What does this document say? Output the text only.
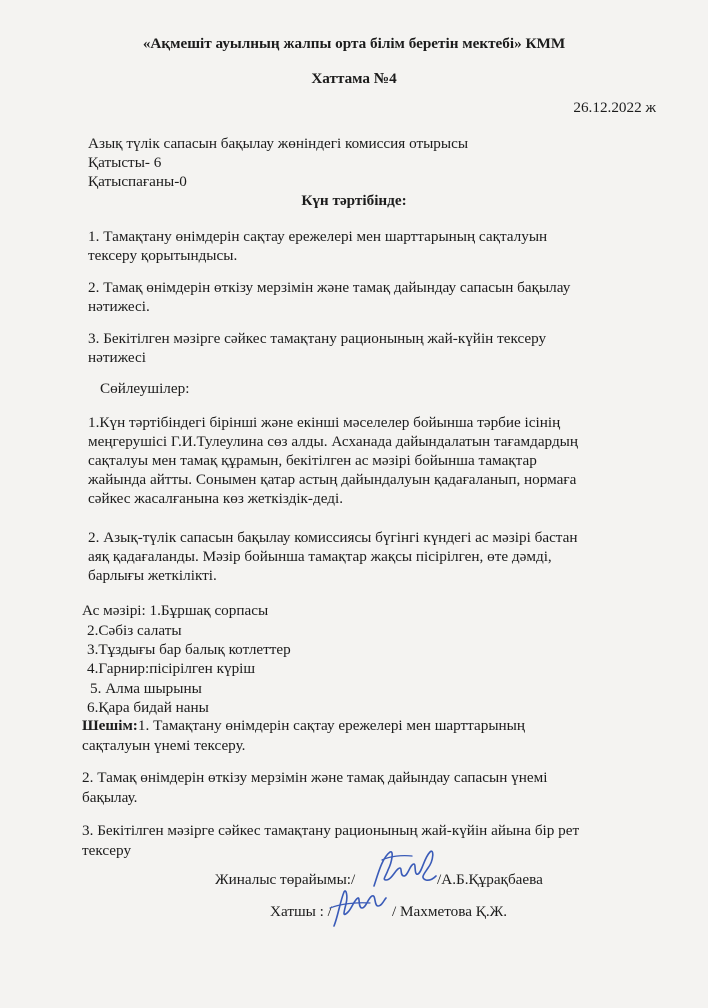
«Ақмешіт ауылның жалпы орта білім беретін мектебі» КММ
Хаттама №4
26.12.2022 ж
Азық түлік сапасын бақылау жөніндегі комиссия отырысы
Қатысты- 6
Қатыспағаны-0
Күн тәртібінде:
1. Тамақтану өнімдерін сақтау ережелері мен шарттарының сақталуын
тексеру қорытындысы.
2. Тамақ өнімдерін өткізу мерзімін және тамақ дайындау сапасын бақылау
нәтижесі.
3. Бекітілген мәзірге сәйкес тамақтану рационының жай-күйін тексеру
нәтижесі
Сөйлеушілер:
1.Күн тәртібіндегі бірінші және екінші мәселелер бойынша тәрбие ісінің
меңгерушісі Г.И.Тулеулина сөз алды. Асханада дайындалатын тағамдардың
сақталуы мен тамақ құрамын, бекітілген ас мәзірі бойынша тамақтар
жайында айтты. Сонымен қатар астың дайындалуын қадағаланып, нормаға
сәйкес жасалғанына көз жеткіздік-деді.
2. Азық-түлік сапасын бақылау комиссиясы бүгінгі күндегі ас мәзірі бастан
аяқ қадағаланды. Мәзір бойынша тамақтар жақсы пісірілген, өте дәмді,
барлығы жеткілікті.
Ас мәзірі: 1.Бұршақ сорпасы
2.Сәбіз салаты
3.Тұздығы бар балық котлеттер
4.Гарнир:пісірілген күріш
5. Алма шырыны
6.Қара бидай наны
Шешім:1. Тамақтану өнімдерін сақтау ережелері мен шарттарының
сақталуын үнемі тексеру.
2. Тамақ өнімдерін өткізу мерзімін және тамақ дайындау сапасын үнемі
бақылау.
3. Бекітілген мәзірге сәйкес тамақтану рационының жай-күйін айына бір рет
тексеру
Жиналыс төрайымы:/	/А.Б.Құрақбаева
Хатшы : /	/ Махметова Қ.Ж.
